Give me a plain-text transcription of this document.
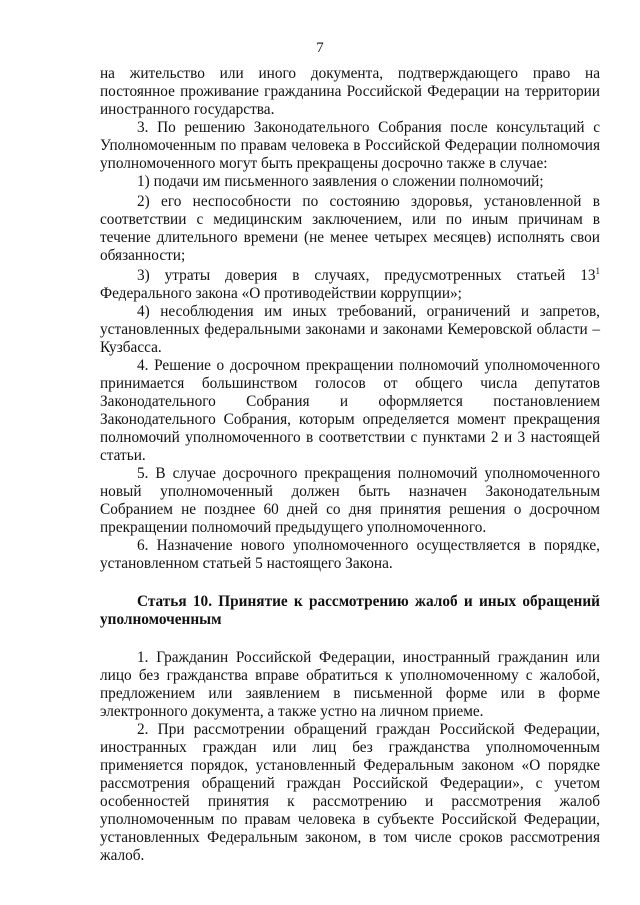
7

на жительство или иного документа, подтверждающего право на постоянное проживание гражданина Российской Федерации на территории иностранного государства.

3. По решению Законодательного Собрания после консультаций с Уполномоченным по правам человека в Российской Федерации полномочия уполномоченного могут быть прекращены досрочно также в случае:

1) подачи им письменного заявления о сложении полномочий;

2) его неспособности по состоянию здоровья, установленной в соответствии с медицинским заключением, или по иным причинам в течение длительного времени (не менее четырех месяцев) исполнять свои обязанности;

3) утраты доверия в случаях, предусмотренных статьей $13^1$ Федерального закона «О противодействии коррупции»;

4) несоблюдения им иных требований, ограничений и запретов, установленных федеральными законами и законами Кемеровской области – Кузбасса.

4. Решение о досрочном прекращении полномочий уполномоченного принимается большинством голосов от общего числа депутатов Законодательного Собрания и оформляется постановлением Законодательного Собрания, которым определяется момент прекращения полномочий уполномоченного в соответствии с пунктами 2 и 3 настоящей статьи.

5. В случае досрочного прекращения полномочий уполномоченного новый уполномоченный должен быть назначен Законодательным Собранием не позднее 60 дней со дня принятия решения о досрочном прекращении полномочий предыдущего уполномоченного.

6. Назначение нового уполномоченного осуществляется в порядке, установленном статьей 5 настоящего Закона.

Статья 10. Принятие к рассмотрению жалоб и иных обращений уполномоченным

1. Гражданин Российской Федерации, иностранный гражданин или лицо без гражданства вправе обратиться к уполномоченному с жалобой, предложением или заявлением в письменной форме или в форме электронного документа, а также устно на личном приеме.

2. При рассмотрении обращений граждан Российской Федерации, иностранных граждан или лиц без гражданства уполномоченным применяется порядок, установленный Федеральным законом «О порядке рассмотрения обращений граждан Российской Федерации», с учетом особенностей принятия к рассмотрению и рассмотрения жалоб уполномоченным по правам человека в субъекте Российской Федерации, установленных Федеральным законом, в том числе сроков рассмотрения жалоб.
